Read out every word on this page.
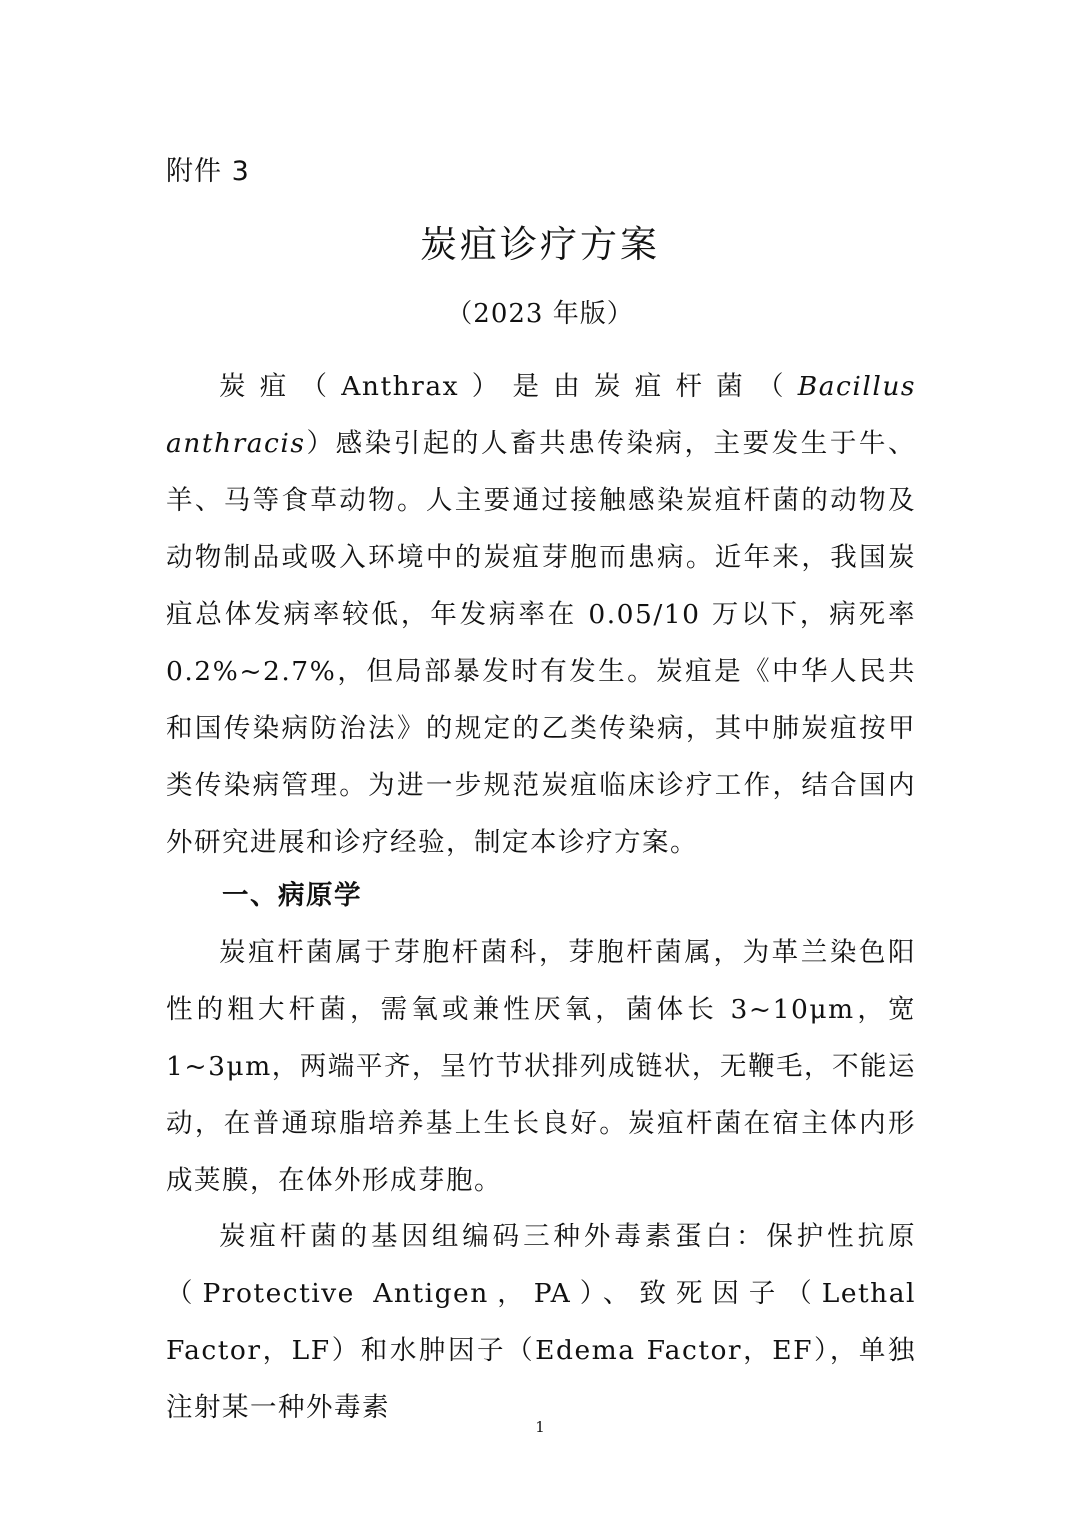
附件 3
炭疽诊疗方案
（2023 年版）

炭疽（Anthrax）是由炭疽杆菌（Bacillus anthracis）感染引起的人畜共患传染病，主要发生于牛、羊、马等食草动物。人主要通过接触感染炭疽杆菌的动物及动物制品或吸入环境中的炭疽芽胞而患病。近年来，我国炭疽总体发病率较低，年发病率在 0.05/10 万以下，病死率 0.2%~2.7%，但局部暴发时有发生。炭疽是《中华人民共和国传染病防治法》的规定的乙类传染病，其中肺炭疽按甲类传染病管理。为进一步规范炭疽临床诊疗工作，结合国内外研究进展和诊疗经验，制定本诊疗方案。

一、病原学

炭疽杆菌属于芽胞杆菌科，芽胞杆菌属，为革兰染色阳性的粗大杆菌，需氧或兼性厌氧，菌体长 3~10μm，宽 1~3μm，两端平齐，呈竹节状排列成链状，无鞭毛，不能运动，在普通琼脂培养基上生长良好。炭疽杆菌在宿主体内形成荚膜，在体外形成芽胞。

炭疽杆菌的基因组编码三种外毒素蛋白：保护性抗原（Protective Antigen，PA）、致死因子（Lethal Factor，LF）和水肿因子（Edema Factor，EF），单独注射某一种外毒素

1
